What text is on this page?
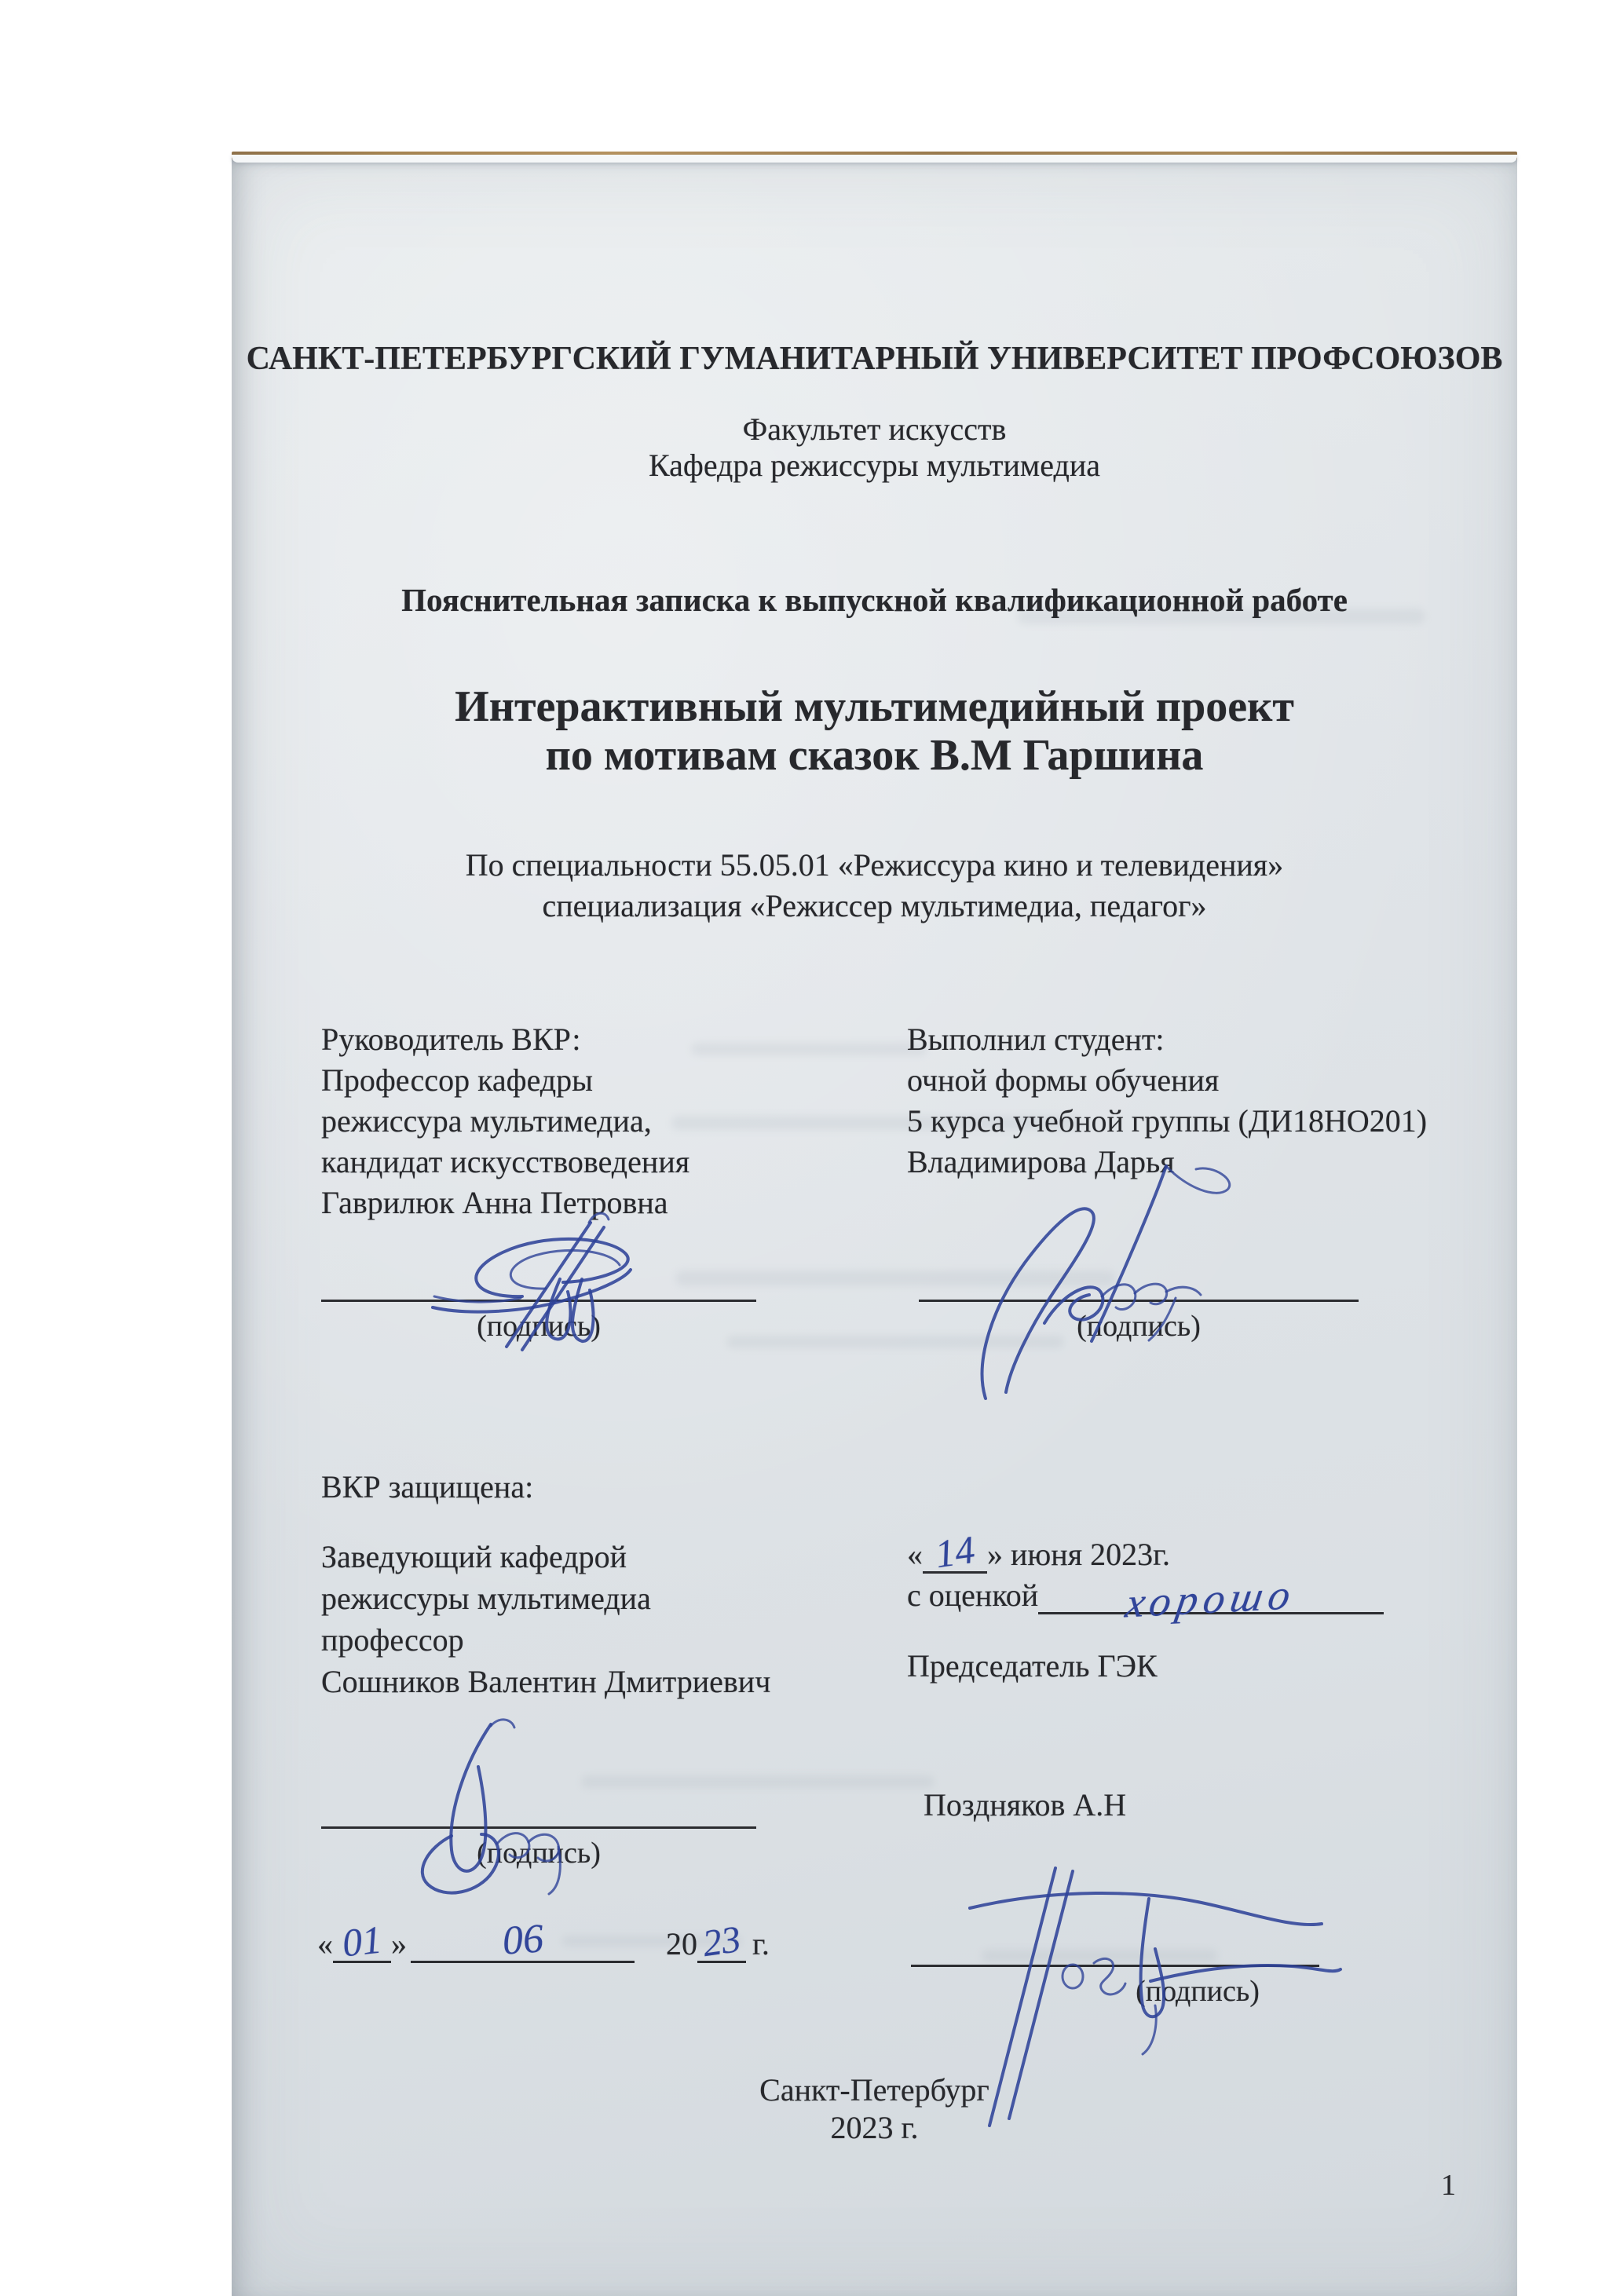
САНКТ-ПЕТЕРБУРГСКИЙ ГУМАНИТАРНЫЙ УНИВЕРСИТЕТ ПРОФСОЮЗОВ
Факультет искусств
Кафедра режиссуры мультимедиа
Пояснительная записка к выпускной квалификационной работе
Интерактивный мультимедийный проект
по мотивам сказок В.М Гаршина
По специальности 55.05.01 «Режиссура кино и телевидения»
специализация «Режиссер мультимедиа, педагог»
Руководитель ВКР:
Профессор кафедры
режиссура мультимедиа,
кандидат искусствоведения
Гаврилюк Анна Петровна
Выполнил студент:
очной формы обучения
5 курса учебной группы (ДИ18НО201)
Владимирова Дарья
(подпись)	(подпись)
ВКР защищена:
Заведующий кафедрой
режиссуры мультимедиа
профессор
Сошников Валентин Дмитриевич
« 14 » июня 2023г.
с оценкой хорошо
Председатель ГЭК
(подпись)
Поздняков А.Н
« 01 » 06	20 23 г.
(подпись)
Санкт-Петербург
2023 г.
1
